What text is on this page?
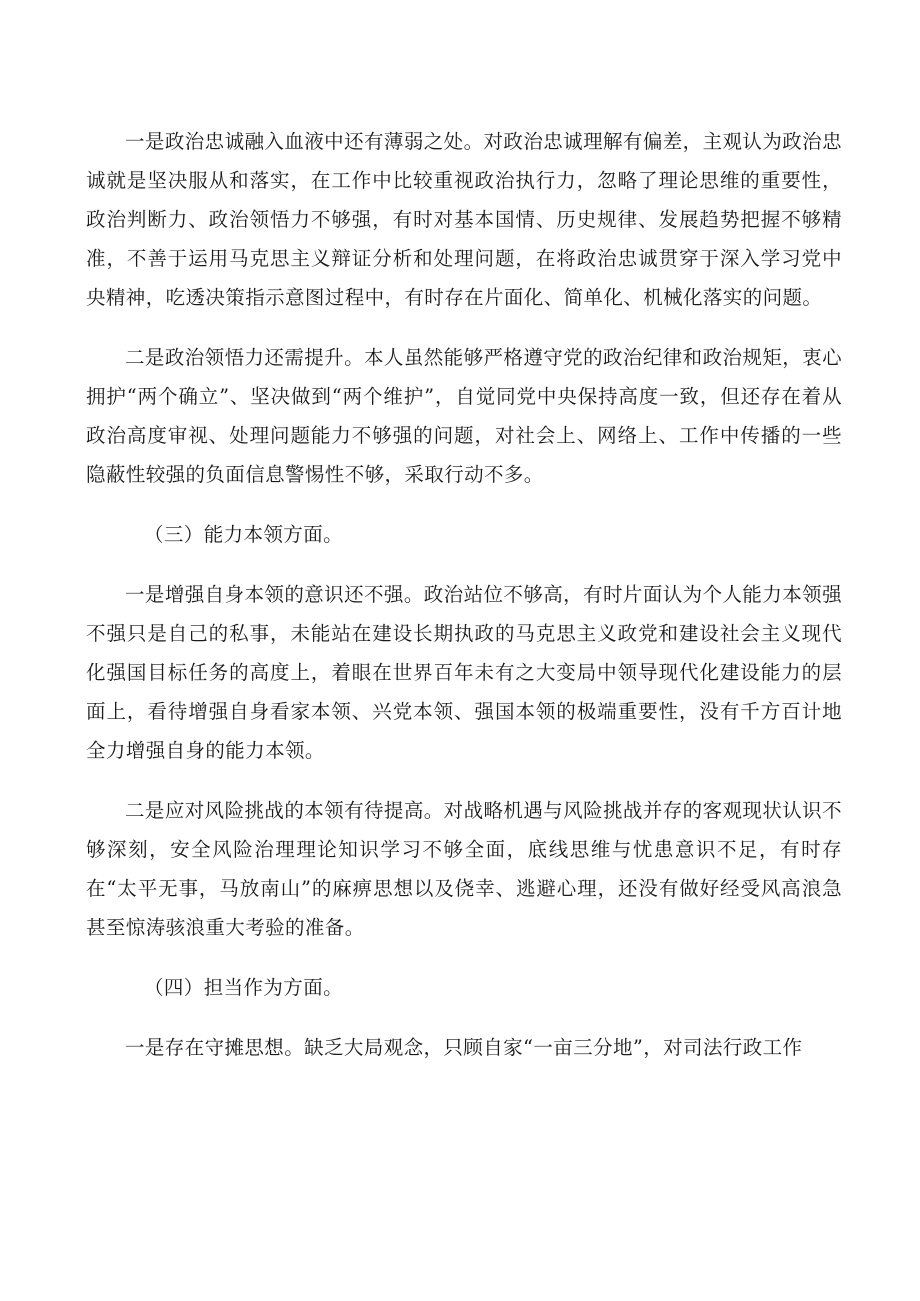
一是政治忠诚融入血液中还有薄弱之处。对政治忠诚理解有偏差，主观认为政治忠诚就是坚决服从和落实，在工作中比较重视政治执行力，忽略了理论思维的重要性，政治判断力、政治领悟力不够强，有时对基本国情、历史规律、发展趋势把握不够精准，不善于运用马克思主义辩证分析和处理问题，在将政治忠诚贯穿于深入学习党中央精神，吃透决策指示意图过程中，有时存在片面化、简单化、机械化落实的问题。

二是政治领悟力还需提升。本人虽然能够严格遵守党的政治纪律和政治规矩，衷心拥护“两个确立”、坚决做到“两个维护”，自觉同党中央保持高度一致，但还存在着从政治高度审视、处理问题能力不够强的问题，对社会上、网络上、工作中传播的一些隐蔽性较强的负面信息警惕性不够，采取行动不多。

（三）能力本领方面。

一是增强自身本领的意识还不强。政治站位不够高，有时片面认为个人能力本领强不强只是自己的私事，未能站在建设长期执政的马克思主义政党和建设社会主义现代化强国目标任务的高度上，着眼在世界百年未有之大变局中领导现代化建设能力的层面上，看待增强自身看家本领、兴党本领、强国本领的极端重要性，没有千方百计地全力增强自身的能力本领。

二是应对风险挑战的本领有待提高。对战略机遇与风险挑战并存的客观现状认识不够深刻，安全风险治理理论知识学习不够全面，底线思维与忧患意识不足，有时存在“太平无事，马放南山”的麻痹思想以及侥幸、逃避心理，还没有做好经受风高浪急甚至惊涛骇浪重大考验的准备。

（四）担当作为方面。

一是存在守摊思想。缺乏大局观念，只顾自家“一亩三分地”，对司法行政工作
